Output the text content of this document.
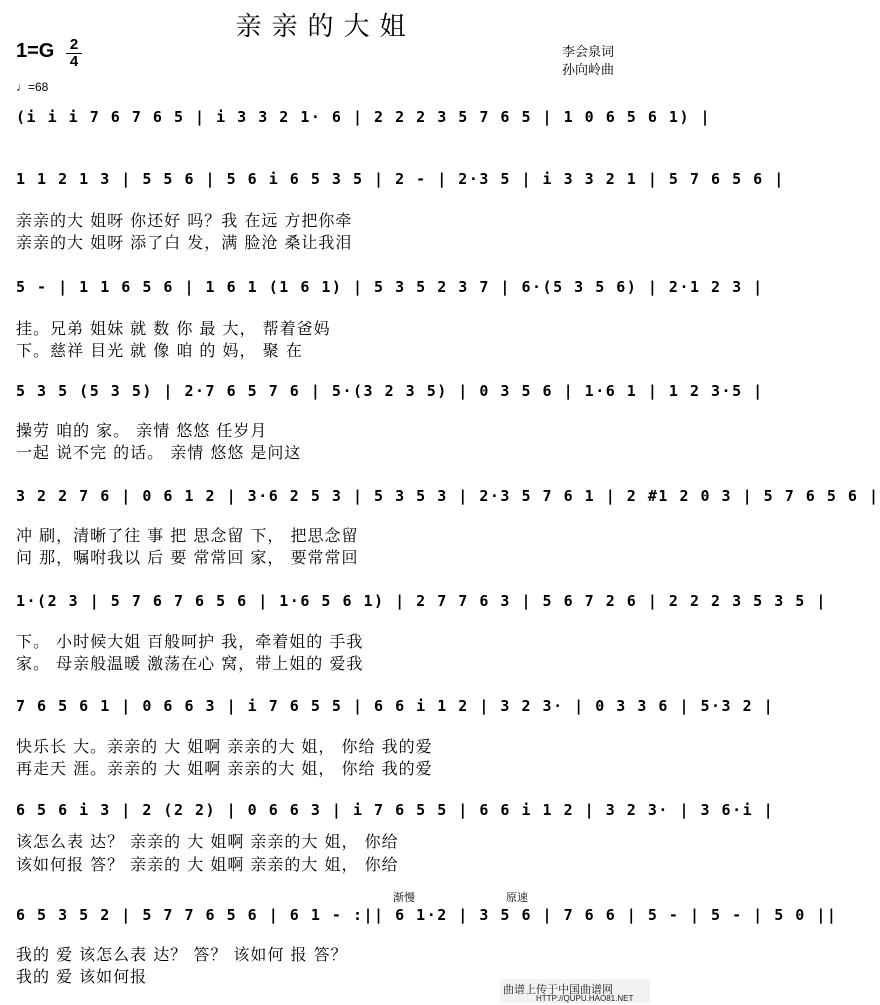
亲亲的大姐
1=G 2
4
♩=68
李会泉词
孙向岭曲
(i i i 7 6 7 6 5 | i 3 3 2 1· 6 | 2 2 2 3 5 7 6 5 | 1 0 6 5 6 1) |
1 1 2 1 3 | 5 5 6 | 5 6 i 6 5 3 5 | 2 - | 2·3 5 | i 3 3 2 1 | 5 7 6 5 6 |
亲亲的大 姐呀 你还好 吗？我 在远 方把你牵
亲亲的大 姐呀 添了白 发，满 脸沧 桑让我泪
5 - | 1 1 6 5 6 | 1 6 1 (1 6 1) | 5 3 5 2 3 7 | 6·(5 3 5 6) | 2·1 2 3 |
挂。兄弟 姐妹 就 数 你 最 大， 帮着爸妈
下。慈祥 目光 就 像 咱 的 妈， 聚 在
5 3 5 (5 3 5) | 2·7 6 5 7 6 | 5·(3 2 3 5) | 0 3 5 6 | 1·6 1 | 1 2 3·5 |
操劳 咱的 家。 亲情 悠悠 任岁月
一起 说不完 的话。 亲情 悠悠 是问这
3 2 2 7 6 | 0 6 1 2 | 3·6 2 5 3 | 5 3 5 3 | 2·3 5 7 6 1 | 2 #1 2 0 3 | 5 7 6 5 6 |
冲 刷，清晰了往 事 把 思念留 下， 把思念留
问 那，嘱咐我以 后 要 常常回 家， 要常常回
1·(2 3 | 5 7 6 7 6 5 6 | 1·6 5 6 1) | 2 7 7 6 3 | 5 6 7 2 6 | 2 2 2 3 5 3 5 |
下。 小时候大姐 百般呵护 我，牵着姐的 手我
家。 母亲般温暖 激荡在心 窝，带上姐的 爱我
7 6 5 6 1 | 0 6 6 3 | i 7 6 5 5 | 6 6 i 1 2 | 3 2 3· | 0 3 3 6 | 5·3 2 |
快乐长 大。亲亲的 大 姐啊 亲亲的大 姐， 你给 我的爱
再走天 涯。亲亲的 大 姐啊 亲亲的大 姐， 你给 我的爱
6 5 6 i 3 | 2 (2 2) | 0 6 6 3 | i 7 6 5 5 | 6 6 i 1 2 | 3 2 3· | 3 6·i |
该怎么表 达？ 亲亲的 大 姐啊 亲亲的大 姐， 你给
该如何报 答？ 亲亲的 大 姐啊 亲亲的大 姐， 你给
渐慢	原速
6 5 3 5 2 | 5 7 7 6 5 6 | 6 1 - :|| 6 1·2 | 3 5 6 | 7 6 6 | 5 - | 5 - | 5 0 ||
我的 爱 该怎么表 达？ 答？ 该如何 报 答？
我的 爱 该如何报
曲谱上传于中国曲谱网
HTTP://QUPU.HAO81.NET
